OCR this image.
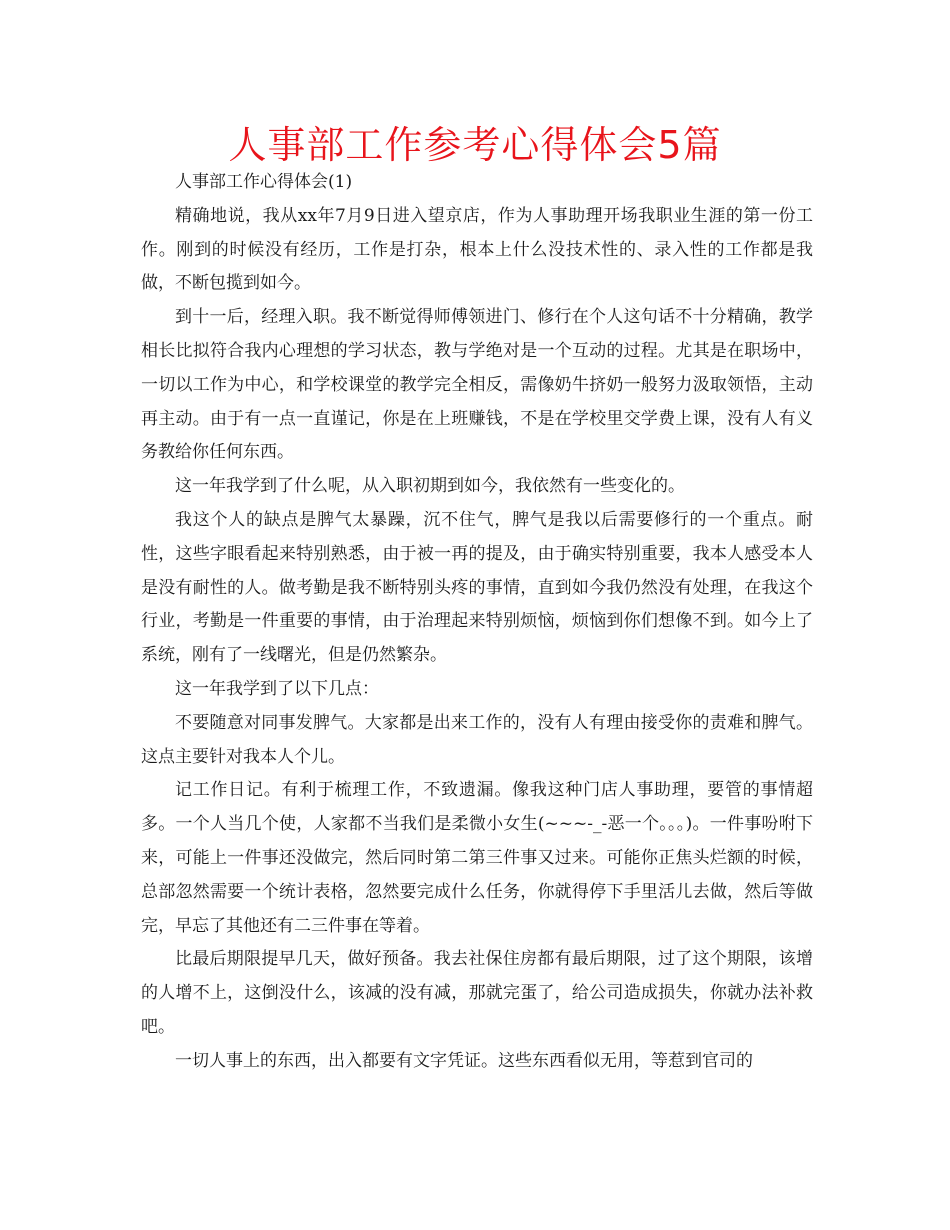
人事部工作参考心得体会5篇

人事部工作心得体会(1)

精确地说，我从xx年7月9日进入望京店，作为人事助理开场我职业生涯的第一份工作。刚到的时候没有经历，工作是打杂，根本上什么没技术性的、录入性的工作都是我做，不断包揽到如今。

到十一后，经理入职。我不断觉得师傅领进门、修行在个人这句话不十分精确，教学相长比拟符合我内心理想的学习状态，教与学绝对是一个互动的过程。尤其是在职场中，一切以工作为中心，和学校课堂的教学完全相反，需像奶牛挤奶一般努力汲取领悟，主动再主动。由于有一点一直谨记，你是在上班赚钱，不是在学校里交学费上课，没有人有义务教给你任何东西。

这一年我学到了什么呢，从入职初期到如今，我依然有一些变化的。

我这个人的缺点是脾气太暴躁，沉不住气，脾气是我以后需要修行的一个重点。耐性，这些字眼看起来特别熟悉，由于被一再的提及，由于确实特别重要，我本人感受本人是没有耐性的人。做考勤是我不断特别头疼的事情，直到如今我仍然没有处理，在我这个行业，考勤是一件重要的事情，由于治理起来特别烦恼，烦恼到你们想像不到。如今上了系统，刚有了一线曙光，但是仍然繁杂。

这一年我学到了以下几点：

不要随意对同事发脾气。大家都是出来工作的，没有人有理由接受你的责难和脾气。这点主要针对我本人个儿。

记工作日记。有利于梳理工作，不致遗漏。像我这种门店人事助理，要管的事情超多。一个人当几个使，人家都不当我们是柔微小女生(~~~-_-恶一个。。。)。一件事吩咐下来，可能上一件事还没做完，然后同时第二第三件事又过来。可能你正焦头烂额的时候，总部忽然需要一个统计表格，忽然要完成什么任务，你就得停下手里活儿去做，然后等做完，早忘了其他还有二三件事在等着。

比最后期限提早几天，做好预备。我去社保住房都有最后期限，过了这个期限，该增的人增不上，这倒没什么，该减的没有减，那就完蛋了，给公司造成损失，你就办法补救吧。

一切人事上的东西，出入都要有文字凭证。这些东西看似无用，等惹到官司的
